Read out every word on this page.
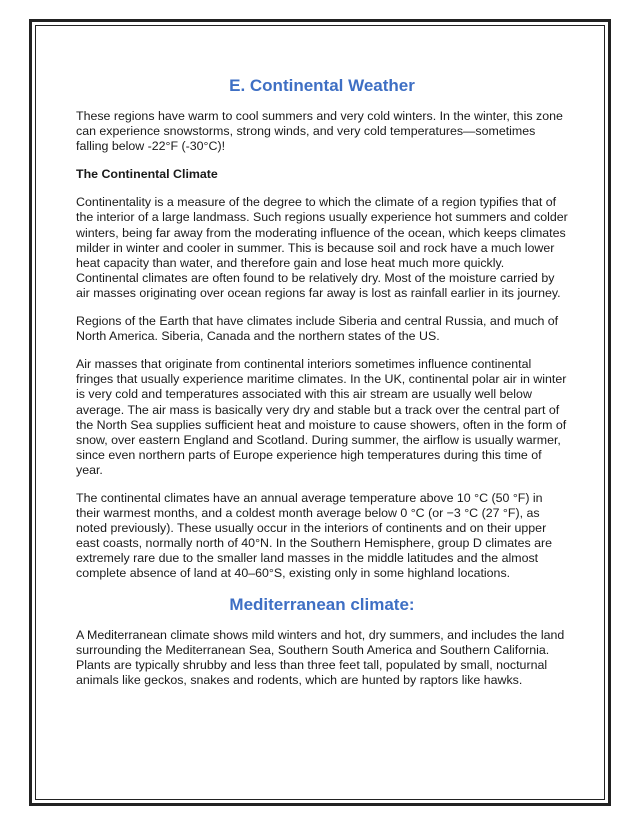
E. Continental Weather

These regions have warm to cool summers and very cold winters. In the winter, this zone can experience snowstorms, strong winds, and very cold temperatures—sometimes falling below -22°F (-30°C)!

The Continental Climate

Continentality is a measure of the degree to which the climate of a region typifies that of the interior of a large landmass. Such regions usually experience hot summers and colder winters, being far away from the moderating influence of the ocean, which keeps climates milder in winter and cooler in summer. This is because soil and rock have a much lower heat capacity than water, and therefore gain and lose heat much more quickly. Continental climates are often found to be relatively dry. Most of the moisture carried by air masses originating over ocean regions far away is lost as rainfall earlier in its journey.

Regions of the Earth that have climates include Siberia and central Russia, and much of North America. Siberia, Canada and the northern states of the US.

Air masses that originate from continental interiors sometimes influence continental fringes that usually experience maritime climates. In the UK, continental polar air in winter is very cold and temperatures associated with this air stream are usually well below average. The air mass is basically very dry and stable but a track over the central part of the North Sea supplies sufficient heat and moisture to cause showers, often in the form of snow, over eastern England and Scotland. During summer, the airflow is usually warmer, since even northern parts of Europe experience high temperatures during this time of year.

The continental climates have an annual average temperature above 10 °C (50 °F) in their warmest months, and a coldest month average below 0 °C (or −3 °C (27 °F), as noted previously). These usually occur in the interiors of continents and on their upper east coasts, normally north of 40°N. In the Southern Hemisphere, group D climates are extremely rare due to the smaller land masses in the middle latitudes and the almost complete absence of land at 40–60°S, existing only in some highland locations.

Mediterranean climate:

A Mediterranean climate shows mild winters and hot, dry summers, and includes the land surrounding the Mediterranean Sea, Southern South America and Southern California. Plants are typically shrubby and less than three feet tall, populated by small, nocturnal animals like geckos, snakes and rodents, which are hunted by raptors like hawks.
